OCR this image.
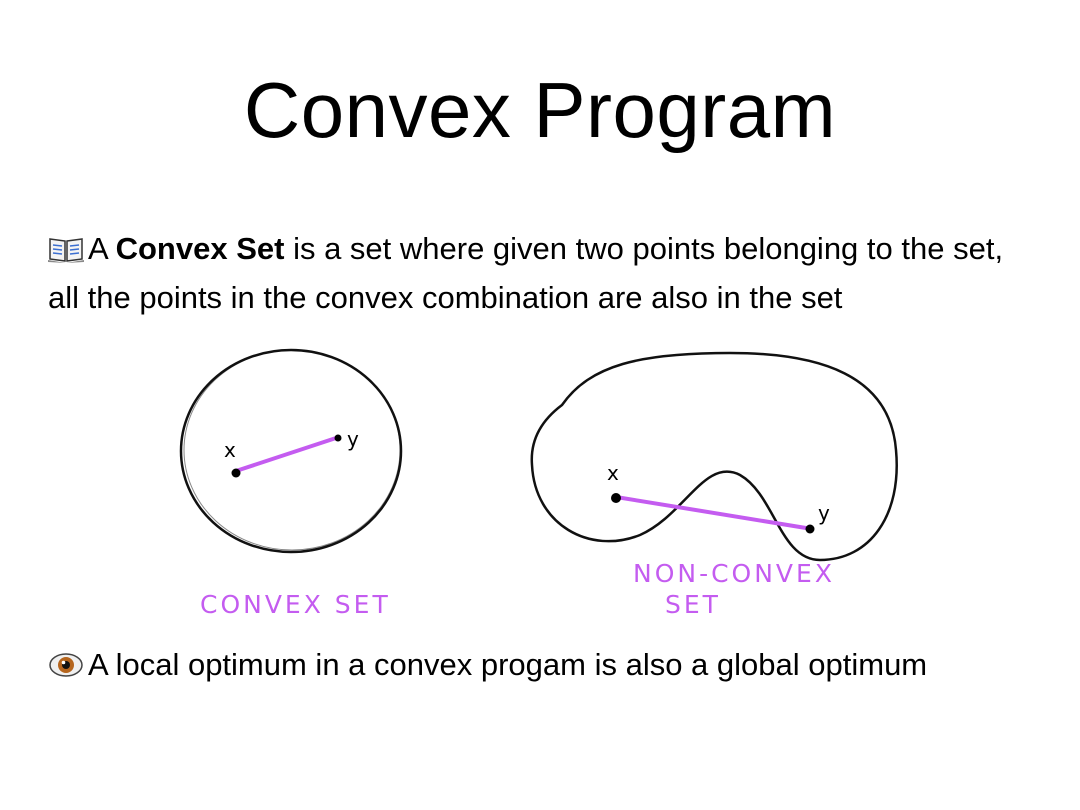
Convex Program
A Convex Set is a set where given two points belonging to the set, all the points in the convex combination are also in the set
x	y
CONVEX SET
x
y
NON-CONVEX
SET
A local optimum in a convex progam is also a global optimum
